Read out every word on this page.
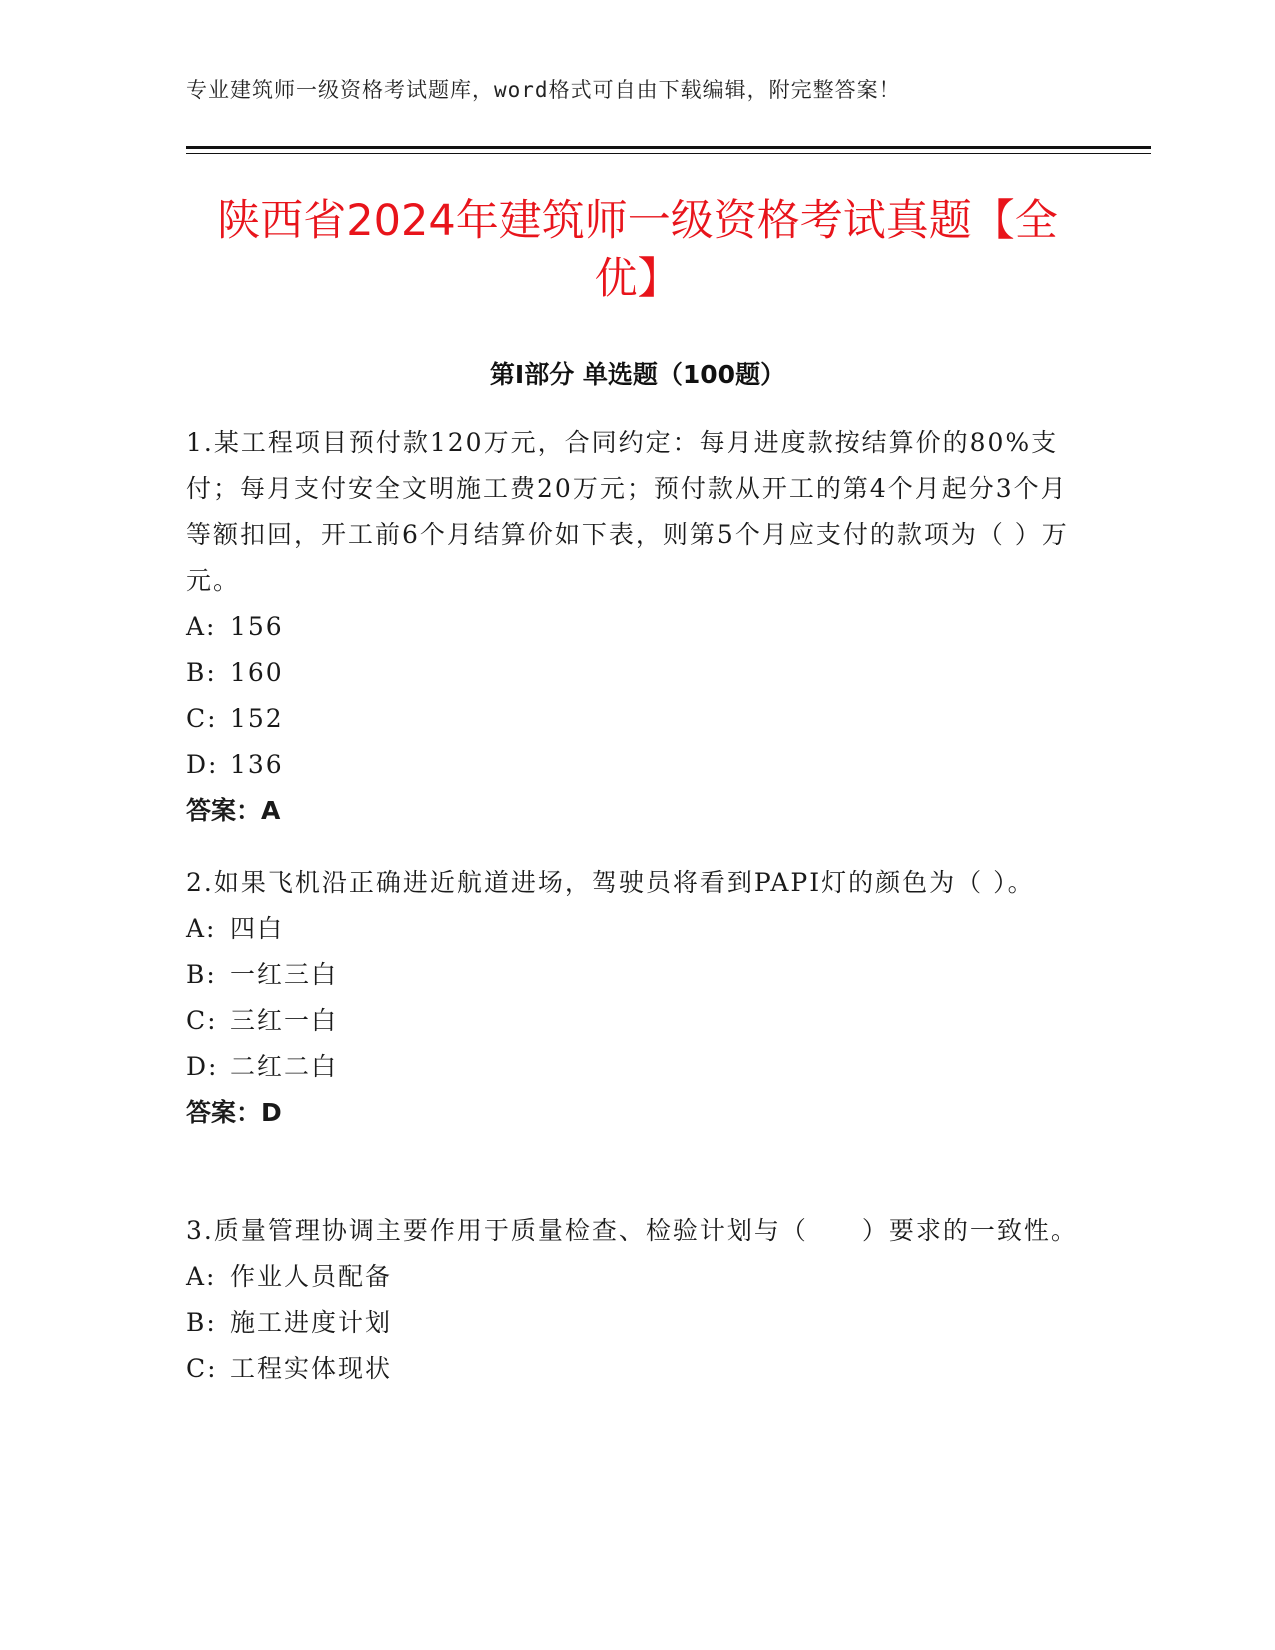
专业建筑师一级资格考试题库，word格式可自由下载编辑，附完整答案！
陕西省2024年建筑师一级资格考试真题【全
优】
第I部分 单选题（100题）

1.某工程项目预付款120万元，合同约定：每月进度款按结算价的80%支付；每月支付安全文明施工费20万元；预付款从开工的第4个月起分3个月等额扣回，开工前6个月结算价如下表，则第5个月应支付的款项为（ ）万元。

A: 156

B: 160

C: 152

D: 136

答案：A

2.如果飞机沿正确进近航道进场，驾驶员将看到PAPI灯的颜色为（ ）。

A: 四白

B: 一红三白

C: 三红一白

D: 二红二白

答案：D

3.质量管理协调主要作用于质量检查、检验计划与（　　）要求的一致性。

A: 作业人员配备

B: 施工进度计划

C: 工程实体现状
